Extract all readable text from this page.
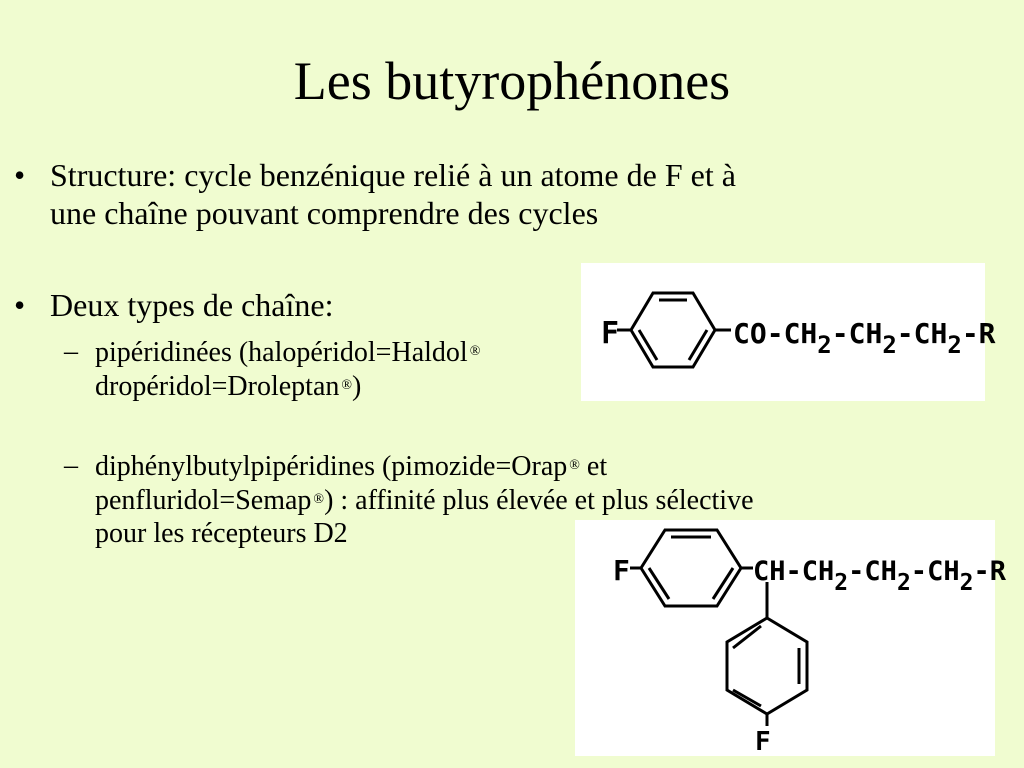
Les butyrophénones
• Structure: cycle benzénique relié à un atome de F et à
une chaîne pouvant comprendre des cycles
• Deux types de chaîne:
– pipéridinées (halopéridol=Haldol ®
dropéridol=Droleptan ®)
– diphénylbutylpipéridines (pimozide=Orap ® et
penfluridol=Semap ®) : affinité plus élevée et plus sélective
pour les récepteurs D2
F	CO-CH2-CH2-CH2-R
F
F
CH-CH2-CH2-CH2-R
